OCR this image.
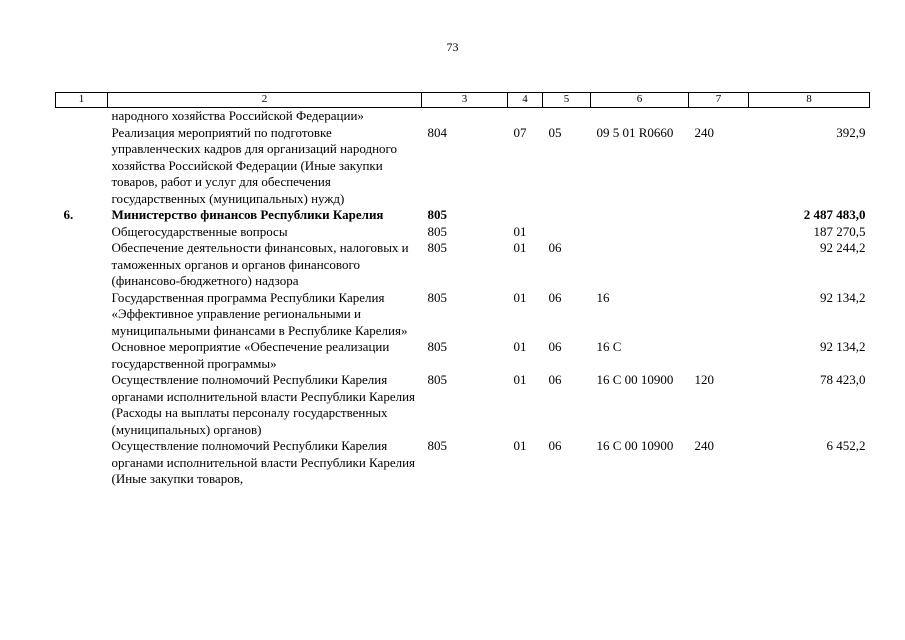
73
1	2	3	4	5	6	7	8
	народного хозяйства Российской Федерации»						
	Реализация мероприятий по подготовке управленческих кадров для организаций народного хозяйства Российской Федерации (Иные закупки товаров, работ и услуг для обеспечения государственных (муниципальных) нужд)	804	07	05	09 5 01 R0660	240	392,9
6.	Министерство финансов Республики Карелия	805					2 487 483,0
	Общегосударственные вопросы	805	01				187 270,5
	Обеспечение деятельности финансовых, налоговых и таможенных органов и органов финансового (финансово-бюджетного) надзора	805	01	06			92 244,2
	Государственная программа Республики Карелия «Эффективное управление региональными и муниципальными финансами в Республике Карелия»	805	01	06	16		92 134,2
	Основное мероприятие «Обеспечение реализации государственной программы»	805	01	06	16 С		92 134,2
	Осуществление полномочий Республики Карелия органами исполнительной власти Республики Карелия (Расходы на выплаты персоналу государственных (муниципальных) органов)	805	01	06	16 С 00 10900	120	78 423,0
	Осуществление полномочий Республики Карелия органами исполнительной власти Республики Карелия (Иные закупки товаров,	805	01	06	16 С 00 10900	240	6 452,2
